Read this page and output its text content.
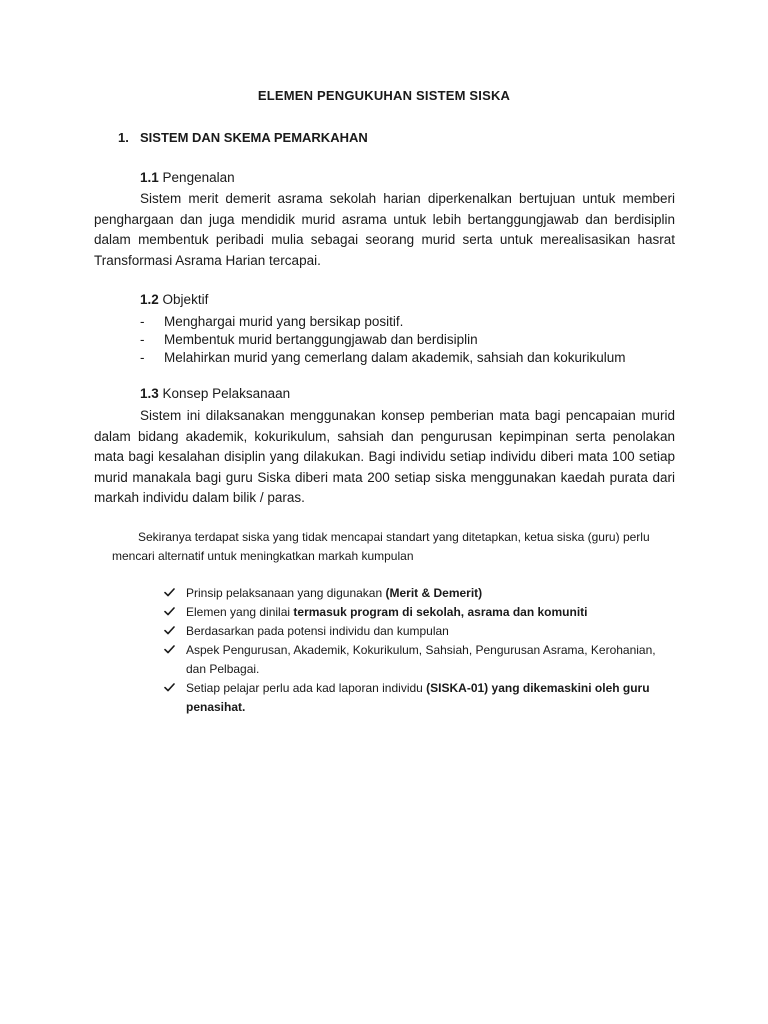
ELEMEN PENGUKUHAN SISTEM SISKA
1. SISTEM DAN SKEMA PEMARKAHAN
1.1 Pengenalan
Sistem merit demerit asrama sekolah harian diperkenalkan bertujuan untuk memberi penghargaan dan juga mendidik murid asrama untuk lebih bertanggungjawab dan berdisiplin dalam membentuk peribadi mulia sebagai seorang murid serta untuk merealisasikan hasrat Transformasi Asrama Harian tercapai.
1.2 Objektif
- Menghargai murid yang bersikap positif.
- Membentuk murid bertanggungjawab dan berdisiplin
- Melahirkan murid yang cemerlang dalam akademik, sahsiah dan kokurikulum
1.3 Konsep Pelaksanaan
Sistem ini dilaksanakan menggunakan konsep pemberian mata bagi pencapaian murid dalam bidang akademik, kokurikulum, sahsiah dan pengurusan kepimpinan serta penolakan mata bagi kesalahan disiplin yang dilakukan. Bagi individu setiap individu diberi mata 100 setiap murid manakala bagi guru Siska diberi mata 200 setiap siska menggunakan kaedah purata dari markah individu dalam bilik / paras.
Sekiranya terdapat siska yang tidak mencapai standart yang ditetapkan, ketua siska (guru) perlu mencari alternatif untuk meningkatkan markah kumpulan
Prinsip pelaksanaan yang digunakan (Merit & Demerit)
Elemen yang dinilai termasuk program di sekolah, asrama dan komuniti
Berdasarkan pada potensi individu dan kumpulan
Aspek Pengurusan, Akademik, Kokurikulum, Sahsiah, Pengurusan Asrama, Kerohanian, dan Pelbagai.
Setiap pelajar perlu ada kad laporan individu (SISKA-01) yang dikemaskini oleh guru penasihat.
